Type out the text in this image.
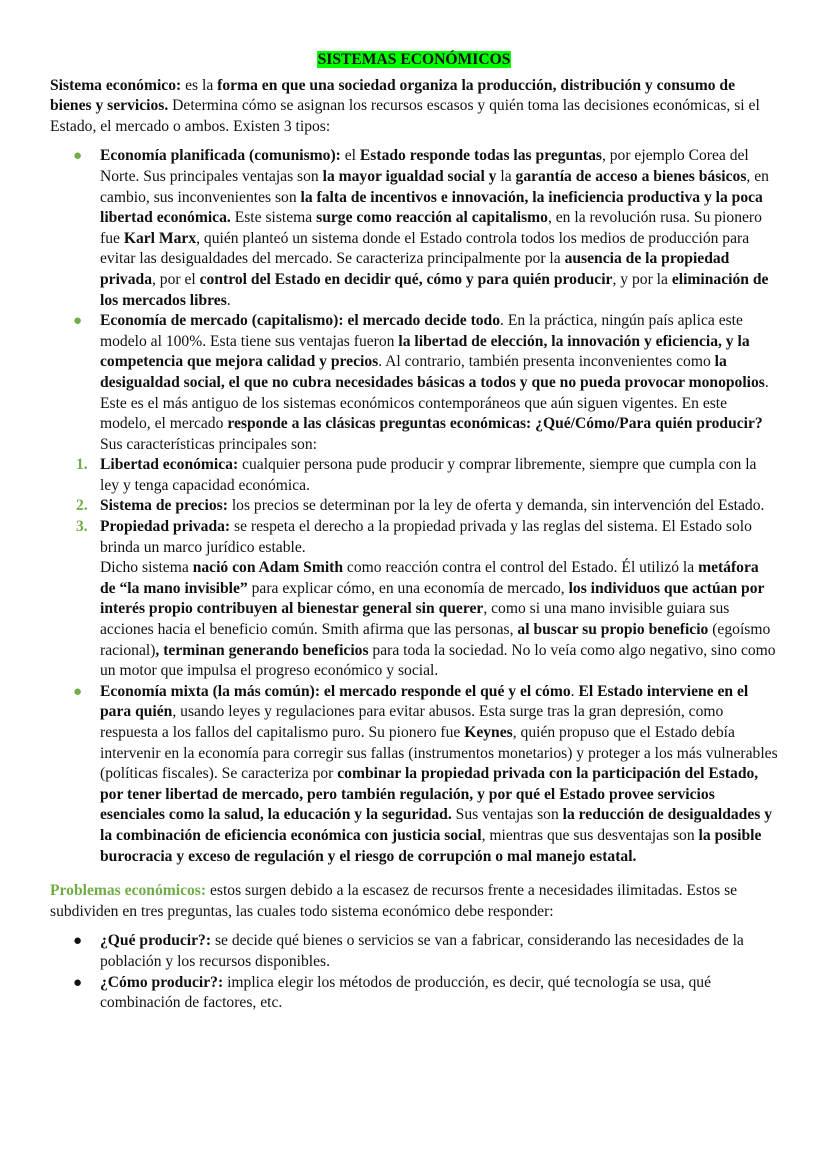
SISTEMAS ECONÓMICOS

Sistema económico: es la forma en que una sociedad organiza la producción, distribución y consumo de bienes y servicios. Determina cómo se asignan los recursos escasos y quién toma las decisiones económicas, si el Estado, el mercado o ambos. Existen 3 tipos:

● Economía planificada (comunismo): el Estado responde todas las preguntas, por ejemplo Corea del Norte. Sus principales ventajas son la mayor igualdad social y la garantía de acceso a bienes básicos, en cambio, sus inconvenientes son la falta de incentivos e innovación, la ineficiencia productiva y la poca libertad económica. Este sistema surge como reacción al capitalismo, en la revolución rusa. Su pionero fue Karl Marx, quién planteó un sistema donde el Estado controla todos los medios de producción para evitar las desigualdades del mercado. Se caracteriza principalmente por la ausencia de la propiedad privada, por el control del Estado en decidir qué, cómo y para quién producir, y por la eliminación de los mercados libres.
● Economía de mercado (capitalismo): el mercado decide todo. En la práctica, ningún país aplica este modelo al 100%. Esta tiene sus ventajas fueron la libertad de elección, la innovación y eficiencia, y la competencia que mejora calidad y precios. Al contrario, también presenta inconvenientes como la desigualdad social, el que no cubra necesidades básicas a todos y que no pueda provocar monopolios. Este es el más antiguo de los sistemas económicos contemporáneos que aún siguen vigentes. En este modelo, el mercado responde a las clásicas preguntas económicas: ¿Qué/Cómo/Para quién producir?
Sus características principales son:
1. Libertad económica: cualquier persona pude producir y comprar libremente, siempre que cumpla con la ley y tenga capacidad económica.
2. Sistema de precios: los precios se determinan por la ley de oferta y demanda, sin intervención del Estado.
3. Propiedad privada: se respeta el derecho a la propiedad privada y las reglas del sistema. El Estado solo brinda un marco jurídico estable.
Dicho sistema nació con Adam Smith como reacción contra el control del Estado. Él utilizó la metáfora de “la mano invisible” para explicar cómo, en una economía de mercado, los individuos que actúan por interés propio contribuyen al bienestar general sin querer, como si una mano invisible guiara sus acciones hacia el beneficio común. Smith afirma que las personas, al buscar su propio beneficio (egoísmo racional), terminan generando beneficios para toda la sociedad. No lo veía como algo negativo, sino como un motor que impulsa el progreso económico y social.
● Economía mixta (la más común): el mercado responde el qué y el cómo. El Estado interviene en el para quién, usando leyes y regulaciones para evitar abusos. Esta surge tras la gran depresión, como respuesta a los fallos del capitalismo puro. Su pionero fue Keynes, quién propuso que el Estado debía intervenir en la economía para corregir sus fallas (instrumentos monetarios) y proteger a los más vulnerables (políticas fiscales). Se caracteriza por combinar la propiedad privada con la participación del Estado, por tener libertad de mercado, pero también regulación, y por qué el Estado provee servicios esenciales como la salud, la educación y la seguridad. Sus ventajas son la reducción de desigualdades y la combinación de eficiencia económica con justicia social, mientras que sus desventajas son la posible burocracia y exceso de regulación y el riesgo de corrupción o mal manejo estatal.

Problemas económicos: estos surgen debido a la escasez de recursos frente a necesidades ilimitadas. Estos se subdividen en tres preguntas, las cuales todo sistema económico debe responder:

● ¿Qué producir?: se decide qué bienes o servicios se van a fabricar, considerando las necesidades de la población y los recursos disponibles.
● ¿Cómo producir?: implica elegir los métodos de producción, es decir, qué tecnología se usa, qué combinación de factores, etc.
